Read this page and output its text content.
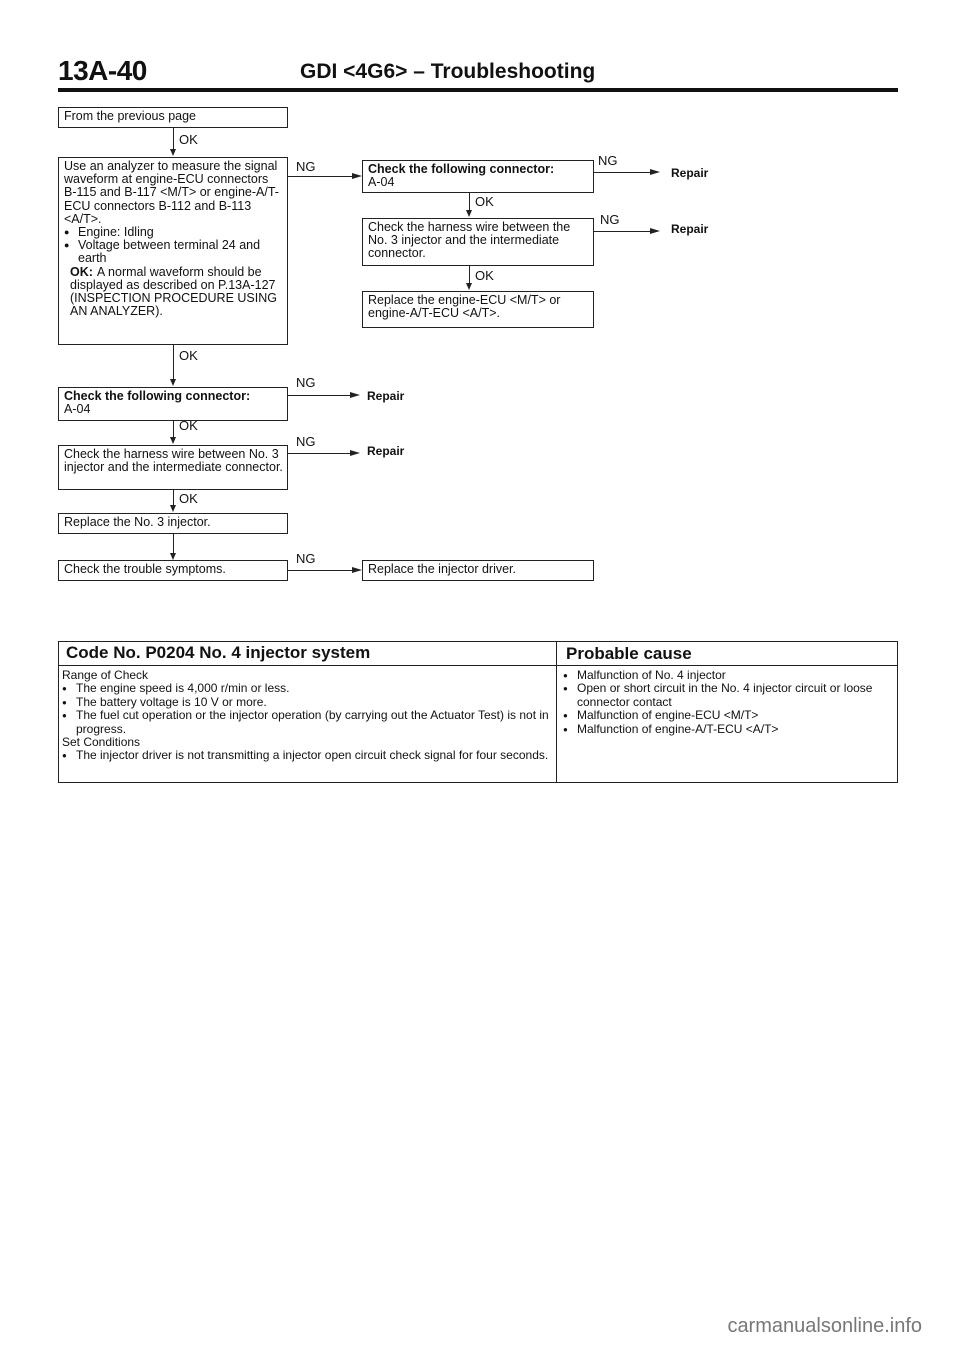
13A-40	GDI <4G6> – Troubleshooting
From the previous page
OK
Use an analyzer to measure the signal waveform at engine-ECU connectors B-115 and B-117 <M/T> or engine-A/T-ECU connectors B-112 and B-113 <A/T>.
● Engine: Idling
● Voltage between terminal 24 and earth
OK: A normal waveform should be displayed as described on P.13A-127 (INSPECTION PROCEDURE USING AN ANALYZER).
OK
Check the following connector:
A-04
OK
Check the harness wire between No. 3 injector and the intermediate connector.
OK
Replace the No. 3 injector.
Check the trouble symptoms.
NG
NG
Repair
NG
Repair
NG
Replace the injector driver.
Check the following connector:
A-04
OK
Check the harness wire between the No. 3 injector and the intermediate connector.
OK
Replace the engine-ECU <M/T> or engine-A/T-ECU <A/T>.
NG
Repair
NG
Repair
Code No. P0204 No. 4 injector system	Probable cause
Range of Check
● The engine speed is 4,000 r/min or less.
● The battery voltage is 10 V or more.
● The fuel cut operation or the injector operation (by carrying out the Actuator Test) is not in progress.
Set Conditions
● The injector driver is not transmitting a injector open circuit check signal for four seconds.
● Malfunction of No. 4 injector
● Open or short circuit in the No. 4 injector circuit or loose connector contact
● Malfunction of engine-ECU <M/T>
● Malfunction of engine-A/T-ECU <A/T>
carmanualsonline.info
